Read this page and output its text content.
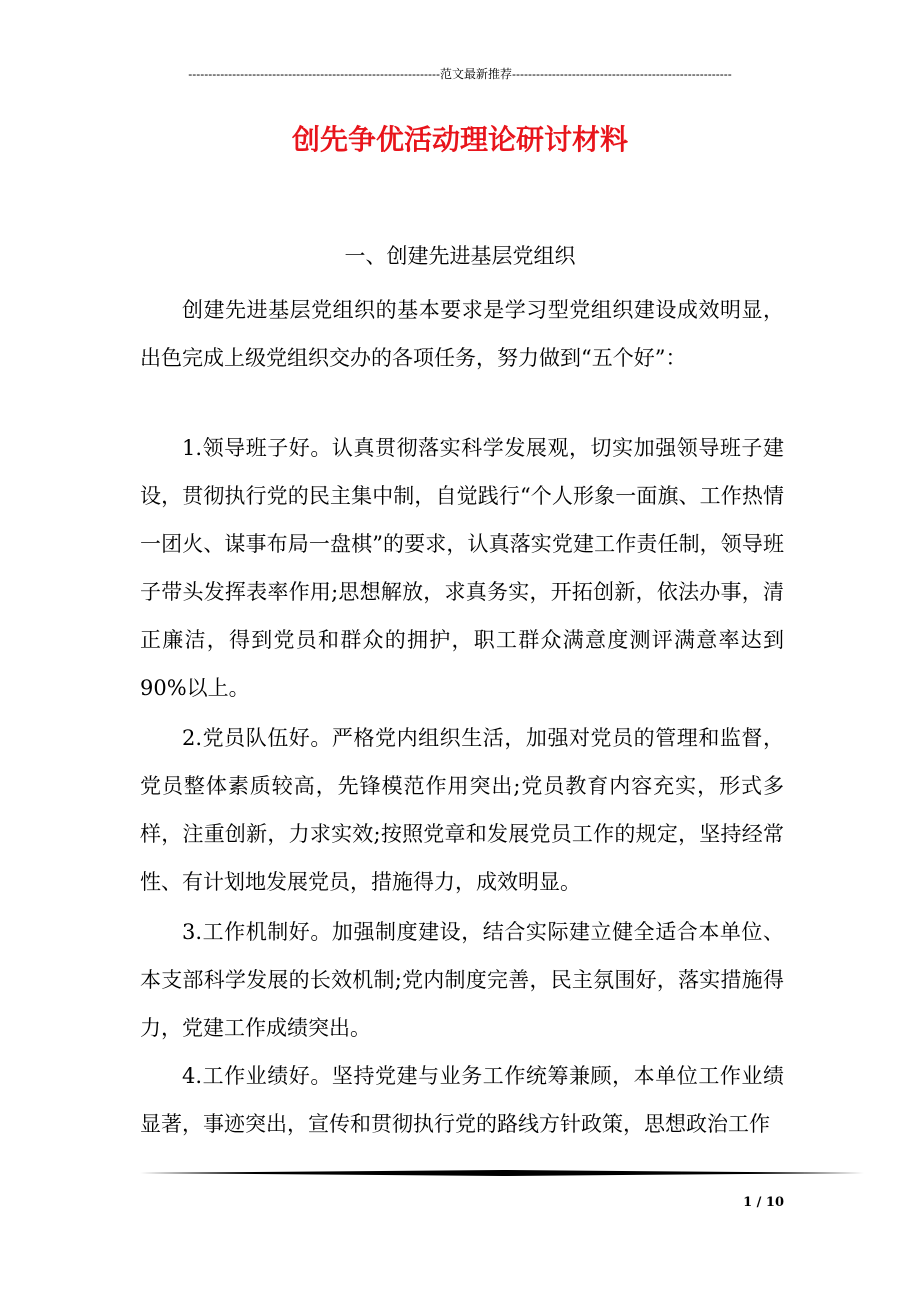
---------------------------------------------------------------范文最新推荐-------------------------------------------------------
创先争优活动理论研讨材料
一、创建先进基层党组织
创建先进基层党组织的基本要求是学习型党组织建设成效明显，出色完成上级党组织交办的各项任务，努力做到“五个好”：
1.领导班子好。认真贯彻落实科学发展观，切实加强领导班子建设，贯彻执行党的民主集中制，自觉践行“个人形象一面旗、工作热情一团火、谋事布局一盘棋”的要求，认真落实党建工作责任制，领导班子带头发挥表率作用;思想解放，求真务实，开拓创新，依法办事，清正廉洁，得到党员和群众的拥护，职工群众满意度测评满意率达到90%以上。
2.党员队伍好。严格党内组织生活，加强对党员的管理和监督，党员整体素质较高，先锋模范作用突出;党员教育内容充实，形式多样，注重创新，力求实效;按照党章和发展党员工作的规定，坚持经常性、有计划地发展党员，措施得力，成效明显。
3.工作机制好。加强制度建设，结合实际建立健全适合本单位、本支部科学发展的长效机制;党内制度完善，民主氛围好，落实措施得力，党建工作成绩突出。
4.工作业绩好。坚持党建与业务工作统筹兼顾，本单位工作业绩显著，事迹突出，宣传和贯彻执行党的路线方针政策，思想政治工作
1 / 10
